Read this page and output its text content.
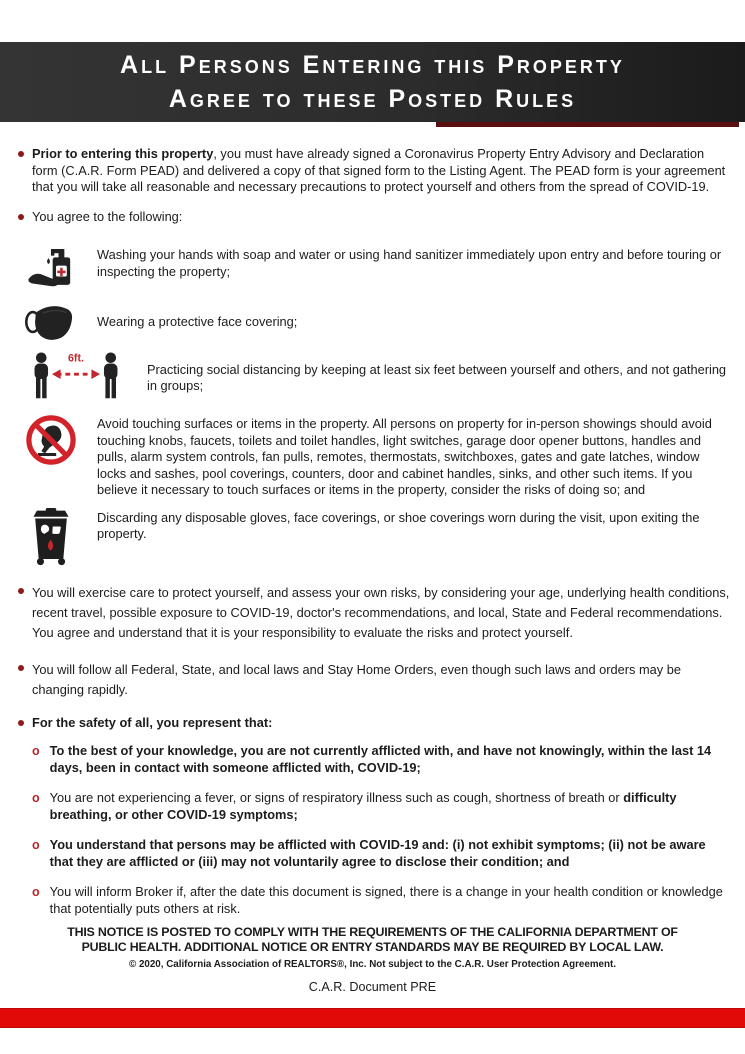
All Persons Entering this Property
Agree to these Posted Rules

Prior to entering this property, you must have already signed a Coronavirus Property Entry Advisory and Declaration form (C.A.R. Form PEAD) and delivered a copy of that signed form to the Listing Agent. The PEAD form is your agreement that you will take all reasonable and necessary precautions to protect yourself and others from the spread of COVID-19.

You agree to the following:

Washing your hands with soap and water or using hand sanitizer immediately upon entry and before touring or inspecting the property;

Wearing a protective face covering;

6ft.

Practicing social distancing by keeping at least six feet between yourself and others, and not gathering in groups;

Avoid touching surfaces or items in the property. All persons on property for in-person showings should avoid touching knobs, faucets, toilets and toilet handles, light switches, garage door opener buttons, handles and pulls, alarm system controls, fan pulls, remotes, thermostats, switchboxes, gates and gate latches, window locks and sashes, pool coverings, counters, door and cabinet handles, sinks, and other such items. If you believe it necessary to touch surfaces or items in the property, consider the risks of doing so; and

Discarding any disposable gloves, face coverings, or shoe coverings worn during the visit, upon exiting the property.

You will exercise care to protect yourself, and assess your own risks, by considering your age, underlying health conditions, recent travel, possible exposure to COVID-19, doctor's recommendations, and local, State and Federal recommendations. You agree and understand that it is your responsibility to evaluate the risks and protect yourself.

You will follow all Federal, State, and local laws and Stay Home Orders, even though such laws and orders may be changing rapidly.

For the safety of all, you represent that:

o To the best of your knowledge, you are not currently afflicted with, and have not knowingly, within the last 14 days, been in contact with someone afflicted with, COVID-19;

o You are not experiencing a fever, or signs of respiratory illness such as cough, shortness of breath or difficulty breathing, or other COVID-19 symptoms;

o You understand that persons may be afflicted with COVID-19 and: (i) not exhibit symptoms; (ii) not be aware that they are afflicted or (iii) may not voluntarily agree to disclose their condition; and

o You will inform Broker if, after the date this document is signed, there is a change in your health condition or knowledge that potentially puts others at risk.

THIS NOTICE IS POSTED TO COMPLY WITH THE REQUIREMENTS OF THE CALIFORNIA DEPARTMENT OF PUBLIC HEALTH. ADDITIONAL NOTICE OR ENTRY STANDARDS MAY BE REQUIRED BY LOCAL LAW.

© 2020, California Association of REALTORS®, Inc. Not subject to the C.A.R. User Protection Agreement.

C.A.R. Document PRE
